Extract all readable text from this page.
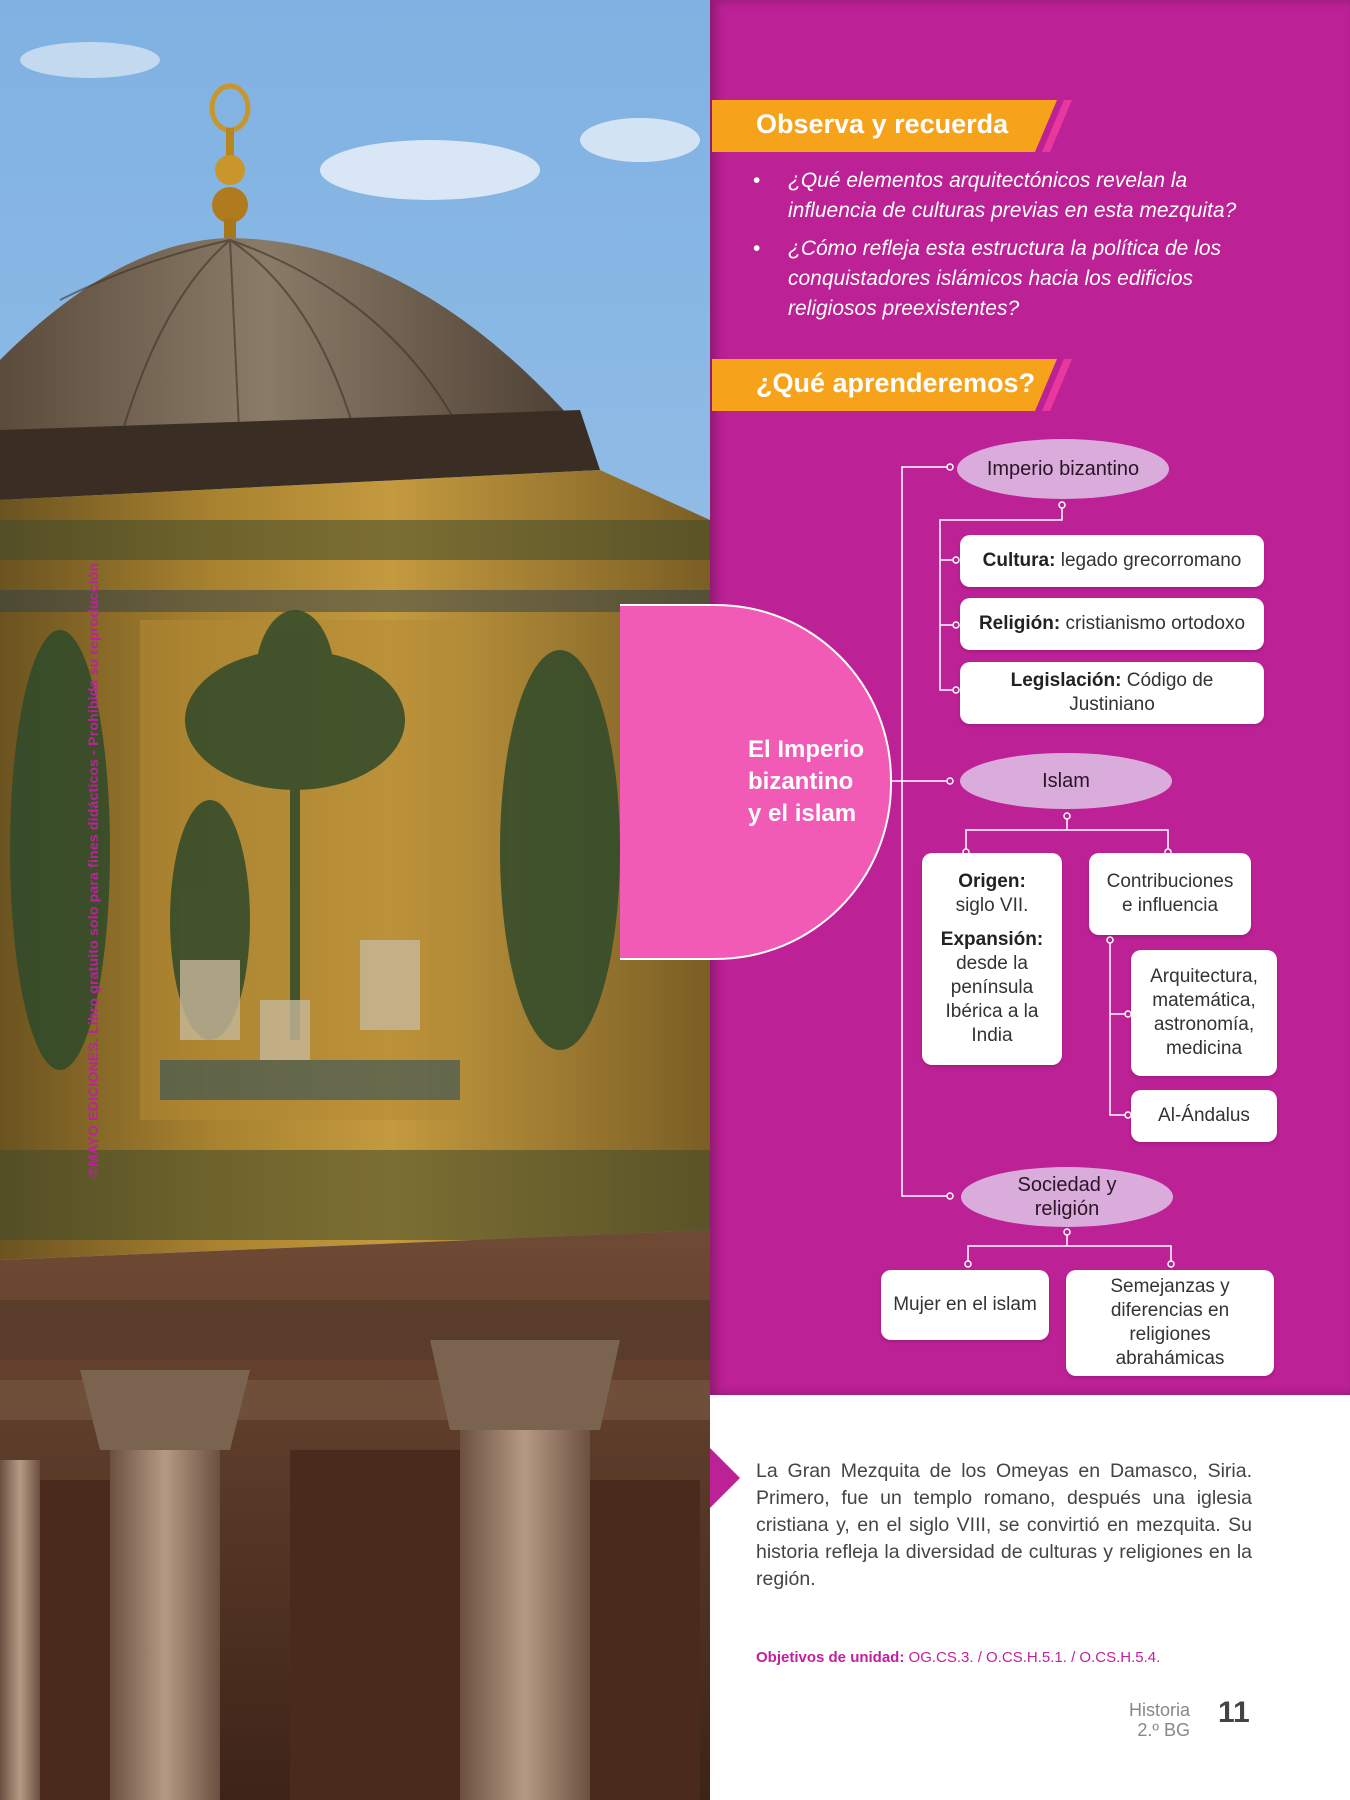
©MAYO EDICIONES. Libro gratuito solo para fines didácticos - Prohibida su reproducción
Observa y recuerda
• ¿Qué elementos arquitectónicos revelan la influencia de culturas previas en esta mezquita?
• ¿Cómo refleja esta estructura la política de los conquistadores islámicos hacia los edificios religiosos preexistentes?
¿Qué aprenderemos?
El Imperio bizantino y el islam
Imperio bizantino
Cultura: legado grecorromano
Religión: cristianismo ortodoxo
Legislación: Código de Justiniano
Islam
Origen:
siglo VII.
Expansión:
desde la península Ibérica a la India
Contribuciones e influencia
Arquitectura, matemática, astronomía, medicina
Al-Ándalus
Sociedad y religión
Mujer en el islam
Semejanzas y diferencias en religiones abrahámicas

La Gran Mezquita de los Omeyas en Damasco, Siria. Primero, fue un templo romano, después una iglesia cristiana y, en el siglo VIII, se convirtió en mezquita. Su historia refleja la diversidad de culturas y religiones en la región.

Objetivos de unidad: OG.CS.3. / O.CS.H.5.1. / O.CS.H.5.4.
Historia
2.º BG
11
